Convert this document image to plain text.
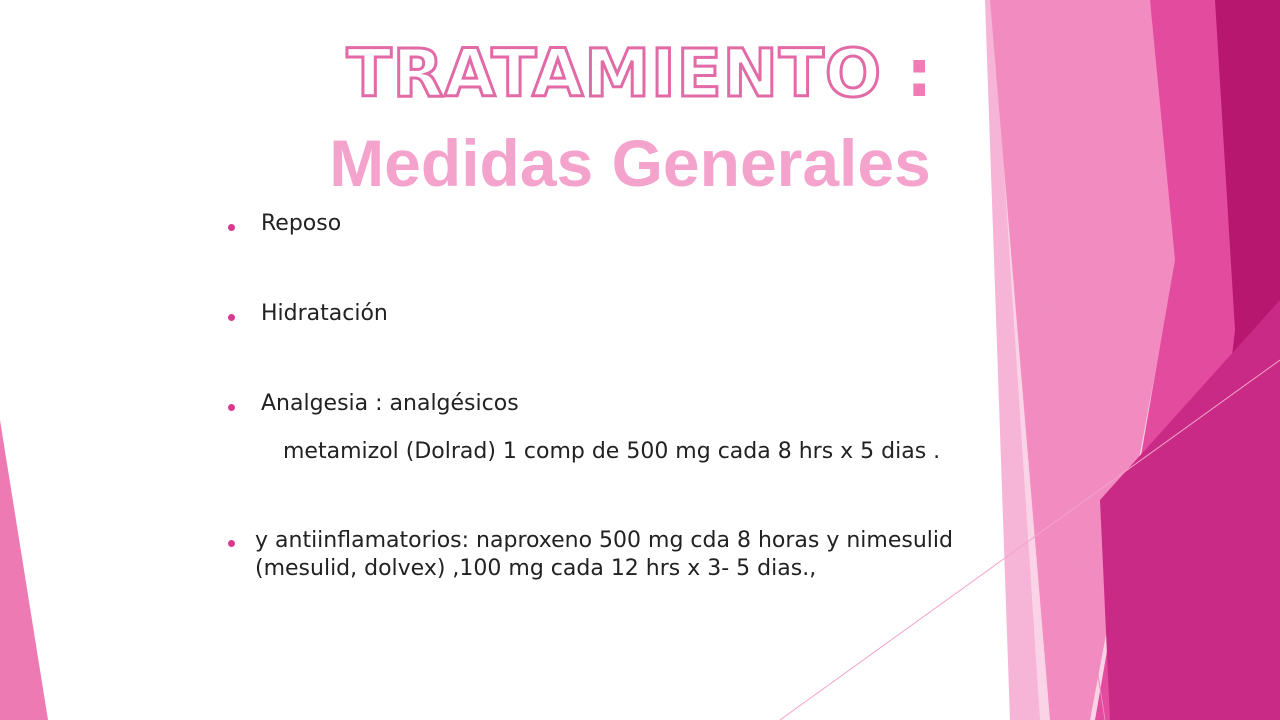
TRATAMIENTO :
Medidas Generales
Reposo
Hidratación
Analgesia : analgésicos
metamizol (Dolrad) 1 comp de 500 mg cada 8 hrs x 5 dias .
y antiinflamatorios: naproxeno 500 mg cda 8 horas y nimesulid (mesulid, dolvex) ,100 mg cada 12 hrs x 3- 5 dias.,
